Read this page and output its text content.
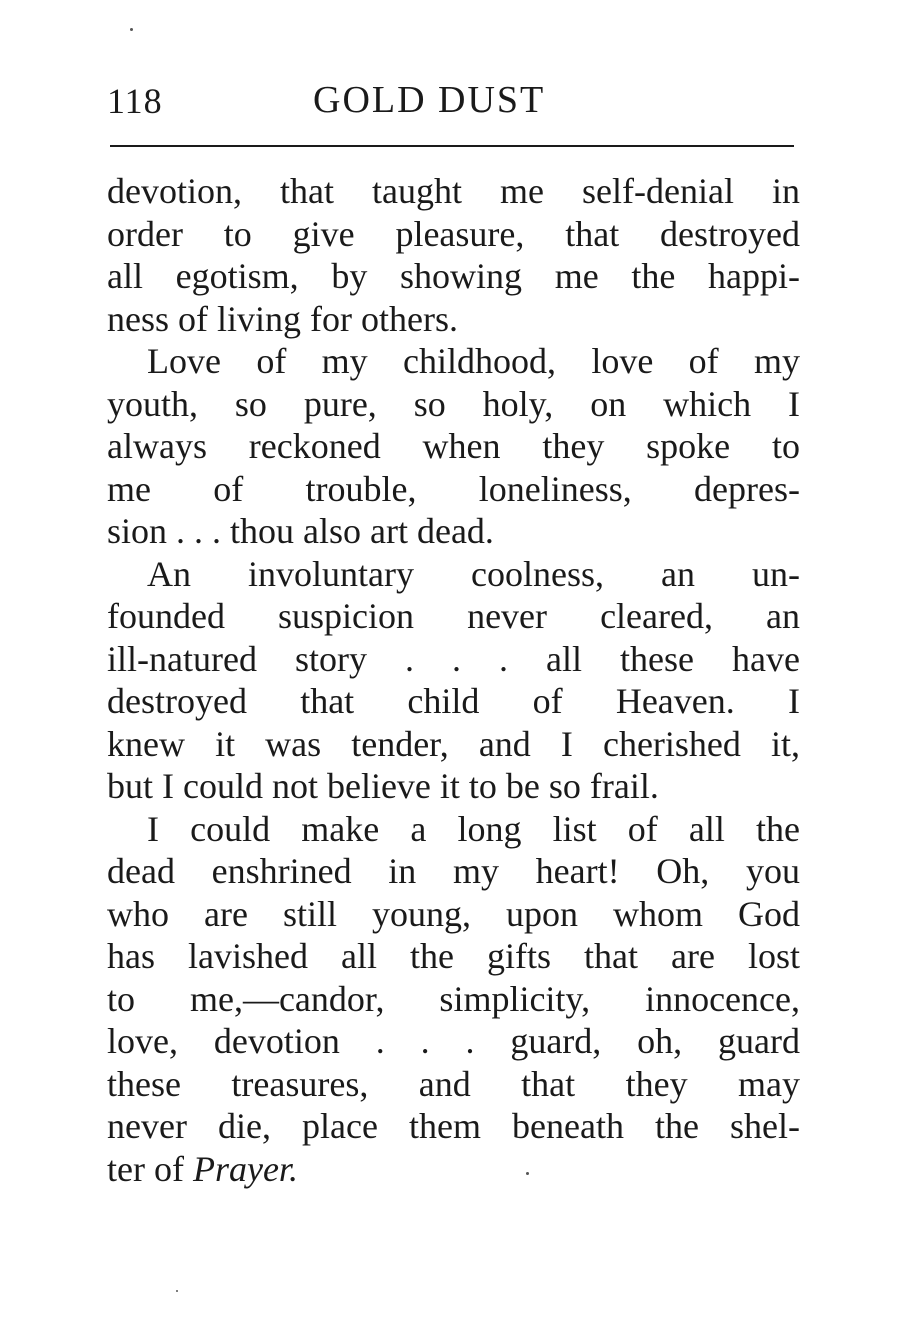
118	GOLD DUST

devotion, that taught me self-denial in
order to give pleasure, that destroyed
all egotism, by showing me the happi-
ness of living for others.

Love of my childhood, love of my
youth, so pure, so holy, on which I
always reckoned when they spoke to
me of trouble, loneliness, depres-
sion . . . thou also art dead.

An involuntary coolness, an un-
founded suspicion never cleared, an
ill-natured story . . . all these have
destroyed that child of Heaven. I
knew it was tender, and I cherished it,
but I could not believe it to be so frail.

I could make a long list of all the
dead enshrined in my heart! Oh, you
who are still young, upon whom God
has lavished all the gifts that are lost
to me,—candor, simplicity, innocence,
love, devotion . . . guard, oh, guard
these treasures, and that they may
never die, place them beneath the shel-
ter of Prayer.
